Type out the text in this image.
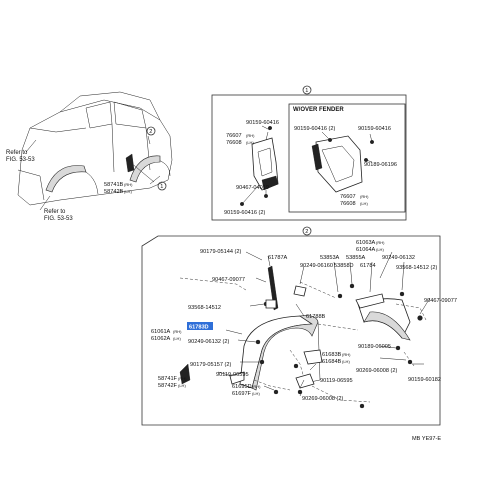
Refer to FIG. 53-53
Refer to FIG. 53-53
2
1
58741B (RH)
58742B (LH)
1
W/OVER FENDER
90159-60416
76607 (RH)
76608 (LH)
90467-04019
90159-60416 (2)
90159-60416 (2)	90159-60416
90189-06196
76607 (RH)
76608 (LH)
2
61063A (RH)
61064A (LH)
90179-05144 (2)
61787A	53853A 53855A
90249-06160 53858D 61784
90249-06132
90467-09077
93568-14512 (2)
90467-09077
93568-14512
61788B
61061A (RH)
61062A (LH)
61783D
90249-06132 (2)
90189-06005
90269-06008 (2)
90179-05157 (2)
90119-06595
61683B (RH)
61684B (LH)
90119-06595
58741F (RH)
58742F (LH)	61695D (RH)
61697F (LH)
90159-60182
90269-06008 (2)
MB YE97-E
